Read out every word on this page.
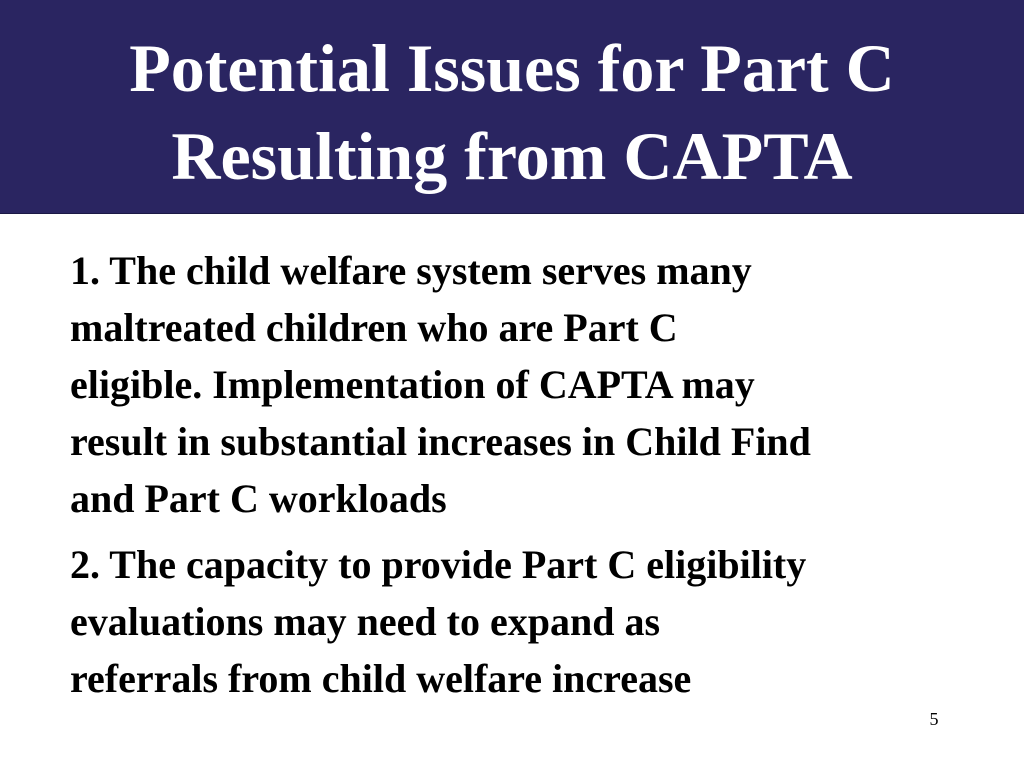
Potential Issues for Part C
Resulting from CAPTA

1. The child welfare system serves many
maltreated children who are Part C
eligible. Implementation of CAPTA may
result in substantial increases in Child Find
and Part C workloads

2. The capacity to provide Part C eligibility
evaluations may need to expand as
referrals from child welfare increase

5
